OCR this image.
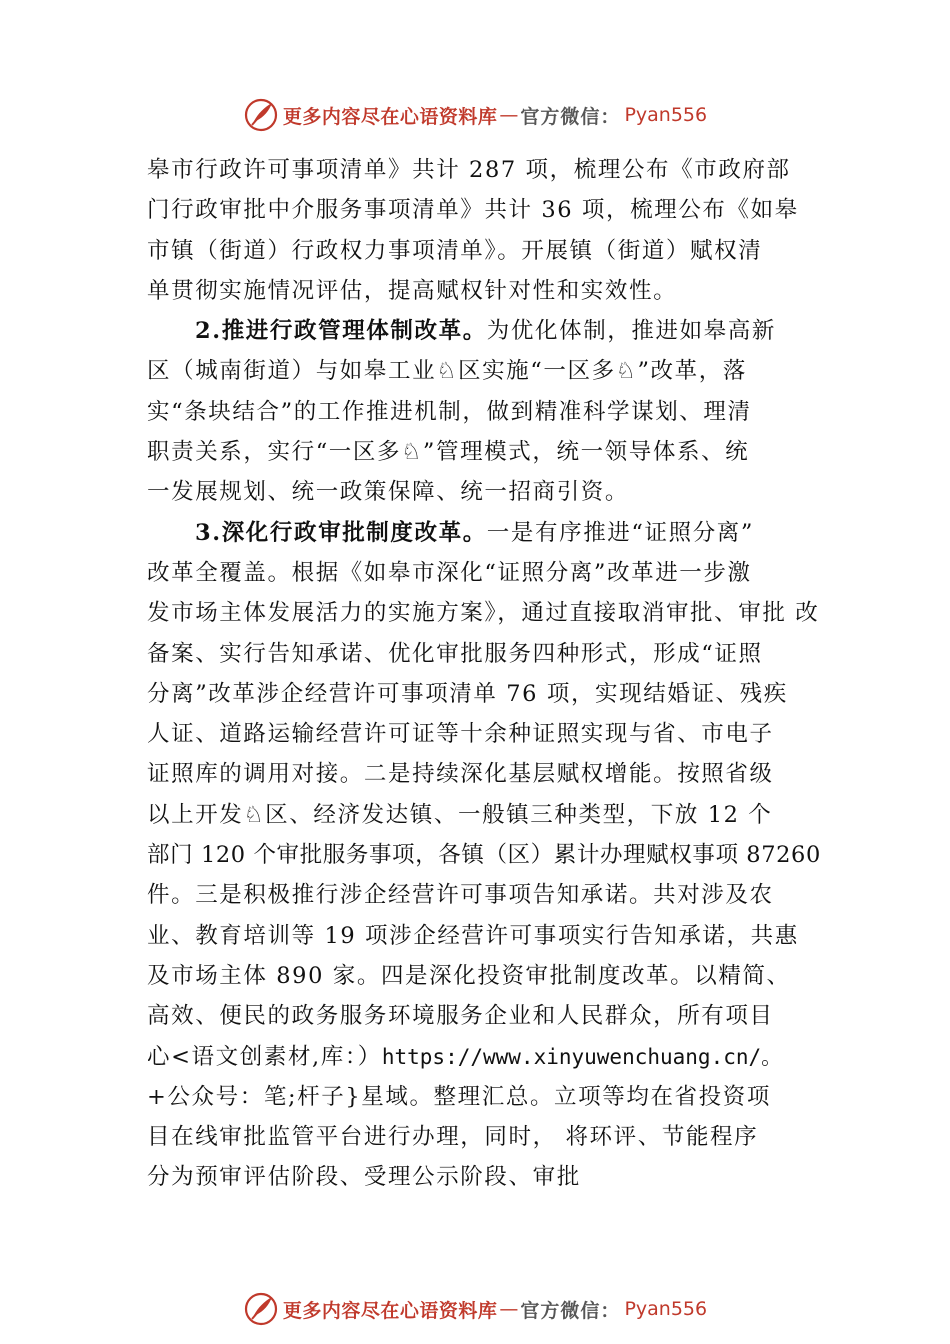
更多内容尽在心语资料库 — 官方微信： Pyan556
皋市行政许可事项清单》共计 287 项，梳理公布《市政府部
门行政审批中介服务事项清单》共计 36 项，梳理公布《如皋
市镇（街道）行政权力事项清单》。开展镇（街道）赋权清
单贯彻实施情况评估，提高赋权针对性和实效性。
2.推进行政管理体制改革。为优化体制，推进如皋高新
区（城南街道）与如皋工业♘区实施“一区多♘”改革，落
实“条块结合”的工作推进机制，做到精准科学谋划、理清
职责关系，实行“一区多♘”管理模式，统一领导体系、统
一发展规划、统一政策保障、统一招商引资。
3.深化行政审批制度改革。一是有序推进“证照分离”
改革全覆盖。根据《如皋市深化“证照分离”改革进一步激
发市场主体发展活力的实施方案》，通过直接取消审批、审批 改
备案、实行告知承诺、优化审批服务四种形式，形成“证照
分离”改革涉企经营许可事项清单 76 项，实现结婚证、残疾
人证、道路运输经营许可证等十余种证照实现与省、市电子
证照库的调用对接。二是持续深化基层赋权增能。按照省级
以上开发♘区、经济发达镇、一般镇三种类型，下放 12 个
部门 120 个审批服务事项，各镇（区）累计办理赋权事项 87260
件。三是积极推行涉企经营许可事项告知承诺。共对涉及农
业、教育培训等 19 项涉企经营许可事项实行告知承诺，共惠
及市场主体 890 家。四是深化投资审批制度改革。以精简、
高效、便民的政务服务环境服务企业和人民群众，所有项目
心<语文创素材,库：）https://www.xinyuwenchuang.cn/。
+公众号：笔;杆子}星域。整理汇总。立项等均在省投资项
目在线审批监管平台进行办理，同时， 将环评、节能程序
分为预审评估阶段、受理公示阶段、审批
更多内容尽在心语资料库 — 官方微信： Pyan556
